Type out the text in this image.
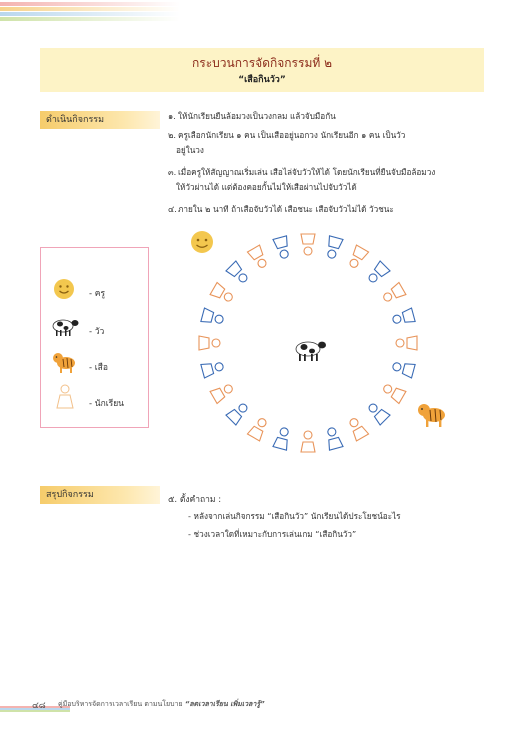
กระบวนการจัดกิจกรรมที่ ๒
“เสือกินวัว”
ดำเนินกิจกรรม	๑. ให้นักเรียนยืนล้อมวงเป็นวงกลม แล้วจับมือกัน
๒. ครูเลือกนักเรียน ๑ คน เป็นเสืออยู่นอกวง นักเรียนอีก ๑ คน เป็นวัว
อยู่ในวง
๓. เมื่อครูให้สัญญาณเริ่มเล่น เสือไล่จับวัวให้ได้ โดยนักเรียนที่ยืนจับมือล้อมวง
ให้วัวผ่านได้ แต่ต้องคอยกั้นไม่ให้เสือผ่านไปจับวัวได้
๔.ภายใน ๒ นาที ถ้าเสือจับวัวได้ เสือชนะ เสือจับวัวไม่ได้ วัวชนะ
- ครู
- วัว
- เสือ
- นักเรียน
สรุปกิจกรรม	๕. ตั้งคำถาม :
- หลังจากเล่นกิจกรรม “เสือกินวัว” นักเรียนได้ประโยชน์อะไร
- ช่วงเวลาใดที่เหมาะกับการเล่นเกม “เสือกินวัว”
๔๘ คู่มือบริหารจัดการเวลาเรียน ตามนโยบาย “ลดเวลาเรียน เพิ่มเวลารู้”
